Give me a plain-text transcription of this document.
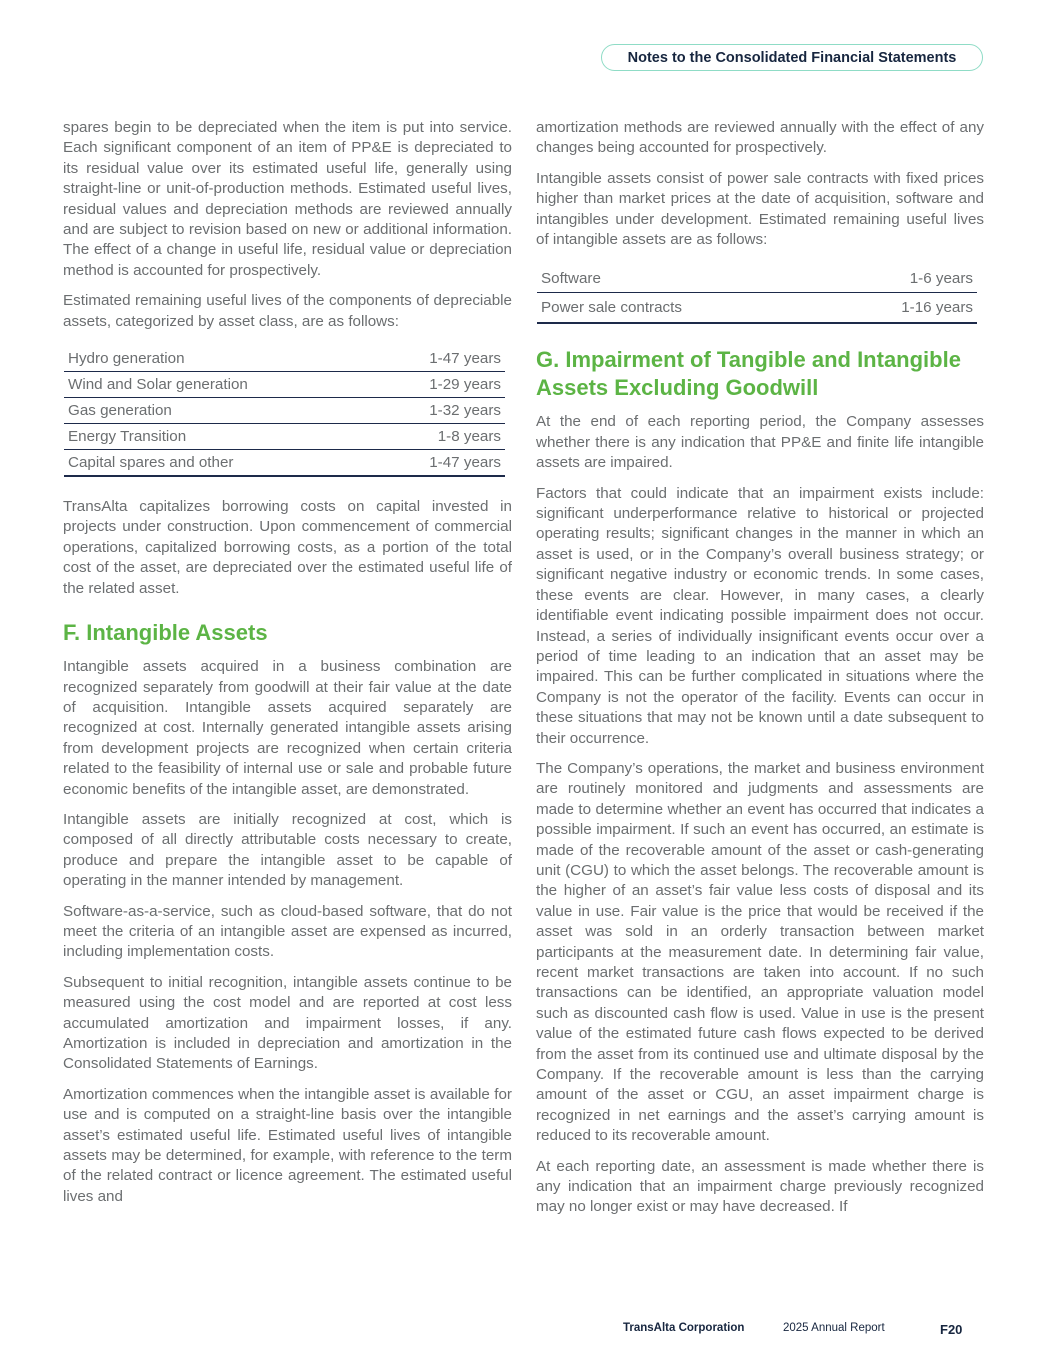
Notes to the Consolidated Financial Statements

spares begin to be depreciated when the item is put into service. Each significant component of an item of PP&E is depreciated to its residual value over its estimated useful life, generally using straight-line or unit-of-production methods. Estimated useful lives, residual values and depreciation methods are reviewed annually and are subject to revision based on new or additional information. The effect of a change in useful life, residual value or depreciation method is accounted for prospectively.

Estimated remaining useful lives of the components of depreciable assets, categorized by asset class, are as follows:

Hydro generation	1-47 years
Wind and Solar generation	1-29 years
Gas generation	1-32 years
Energy Transition	1-8 years
Capital spares and other	1-47 years

TransAlta capitalizes borrowing costs on capital invested in projects under construction. Upon commencement of commercial operations, capitalized borrowing costs, as a portion of the total cost of the asset, are depreciated over the estimated useful life of the related asset.

F. Intangible Assets

Intangible assets acquired in a business combination are recognized separately from goodwill at their fair value at the date of acquisition. Intangible assets acquired separately are recognized at cost. Internally generated intangible assets arising from development projects are recognized when certain criteria related to the feasibility of internal use or sale and probable future economic benefits of the intangible asset, are demonstrated.

Intangible assets are initially recognized at cost, which is composed of all directly attributable costs necessary to create, produce and prepare the intangible asset to be capable of operating in the manner intended by management.

Software-as-a-service, such as cloud-based software, that do not meet the criteria of an intangible asset are expensed as incurred, including implementation costs.

Subsequent to initial recognition, intangible assets continue to be measured using the cost model and are reported at cost less accumulated amortization and impairment losses, if any. Amortization is included in depreciation and amortization in the Consolidated Statements of Earnings.

Amortization commences when the intangible asset is available for use and is computed on a straight-line basis over the intangible asset’s estimated useful life. Estimated useful lives of intangible assets may be determined, for example, with reference to the term of the related contract or licence agreement. The estimated useful lives and

amortization methods are reviewed annually with the effect of any changes being accounted for prospectively.

Intangible assets consist of power sale contracts with fixed prices higher than market prices at the date of acquisition, software and intangibles under development. Estimated remaining useful lives of intangible assets are as follows:

Software	1-6 years
Power sale contracts	1-16 years
G. Impairment of Tangible and Intangible Assets Excluding Goodwill

At the end of each reporting period, the Company assesses whether there is any indication that PP&E and finite life intangible assets are impaired.

Factors that could indicate that an impairment exists include: significant underperformance relative to historical or projected operating results; significant changes in the manner in which an asset is used, or in the Company’s overall business strategy; or significant negative industry or economic trends. In some cases, these events are clear. However, in many cases, a clearly identifiable event indicating possible impairment does not occur. Instead, a series of individually insignificant events occur over a period of time leading to an indication that an asset may be impaired. This can be further complicated in situations where the Company is not the operator of the facility. Events can occur in these situations that may not be known until a date subsequent to their occurrence.

The Company’s operations, the market and business environment are routinely monitored and judgments and assessments are made to determine whether an event has occurred that indicates a possible impairment. If such an event has occurred, an estimate is made of the recoverable amount of the asset or cash-generating unit (CGU) to which the asset belongs. The recoverable amount is the higher of an asset’s fair value less costs of disposal and its value in use. Fair value is the price that would be received if the asset was sold in an orderly transaction between market participants at the measurement date. In determining fair value, recent market transactions are taken into account. If no such transactions can be identified, an appropriate valuation model such as discounted cash flow is used. Value in use is the present value of the estimated future cash flows expected to be derived from the asset from its continued use and ultimate disposal by the Company. If the recoverable amount is less than the carrying amount of the asset or CGU, an asset impairment charge is recognized in net earnings and the asset’s carrying amount is reduced to its recoverable amount.

At each reporting date, an assessment is made whether there is any indication that an impairment charge previously recognized may no longer exist or may have decreased. If

TransAlta Corporation	2025 Annual Report	F20
